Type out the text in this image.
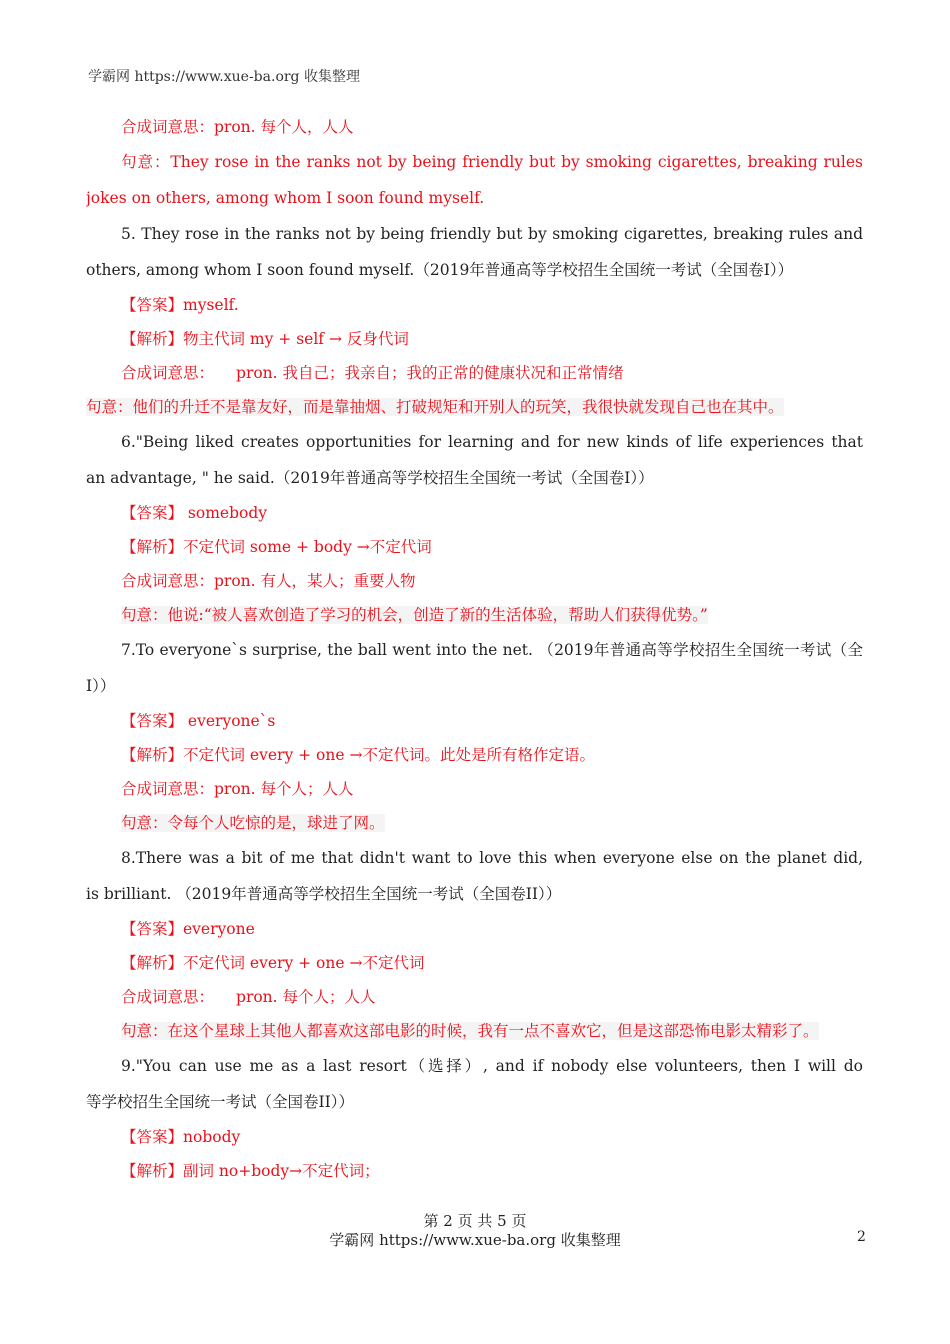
学霸网 https://www.xue-ba.org 收集整理
合成词意思：pron. 每个人，人人
句意：They rose in the ranks not by being friendly but by smoking cigarettes, breaking rules
jokes on others, among whom I soon found myself.
5. They rose in the ranks not by being friendly but by smoking cigarettes, breaking rules and
others, among whom I soon found myself.（2019年普通高等学校招生全国统一考试（全国卷I））
【答案】myself.
【解析】物主代词 my + self → 反身代词
合成词意思： pron. 我自己；我亲自；我的正常的健康状况和正常情绪
句意：他们的升迁不是靠友好，而是靠抽烟、打破规矩和开别人的玩笑，我很快就发现自己也在其中。
6."Being liked creates opportunities for learning and for new kinds of life experiences that
an advantage, " he said.（2019年普通高等学校招生全国统一考试（全国卷I））
【答案】 somebody
【解析】不定代词 some + body →不定代词
合成词意思：pron. 有人，某人；重要人物
句意：他说:“被人喜欢创造了学习的机会，创造了新的生活体验，帮助人们获得优势。”
7.To everyone`s surprise, the ball went into the net. （2019年普通高等学校招生全国统一考试（全
I））
【答案】 everyone`s
【解析】不定代词 every + one →不定代词。此处是所有格作定语。
合成词意思：pron. 每个人；人人
句意：令每个人吃惊的是，球进了网。
8.There was a bit of me that didn't want to love this when everyone else on the planet did,
is brilliant. （2019年普通高等学校招生全国统一考试（全国卷II））
【答案】everyone
【解析】不定代词 every + one →不定代词
合成词意思： pron. 每个人；人人
句意：在这个星球上其他人都喜欢这部电影的时候，我有一点不喜欢它，但是这部恐怖电影太精彩了。
9."You can use me as a last resort（选择）, and if nobody else volunteers, then I will do
等学校招生全国统一考试（全国卷II））
【答案】nobody
【解析】副词 no+body→不定代词；
第 2 页 共 5 页
学霸网 https://www.xue-ba.org 收集整理	2
